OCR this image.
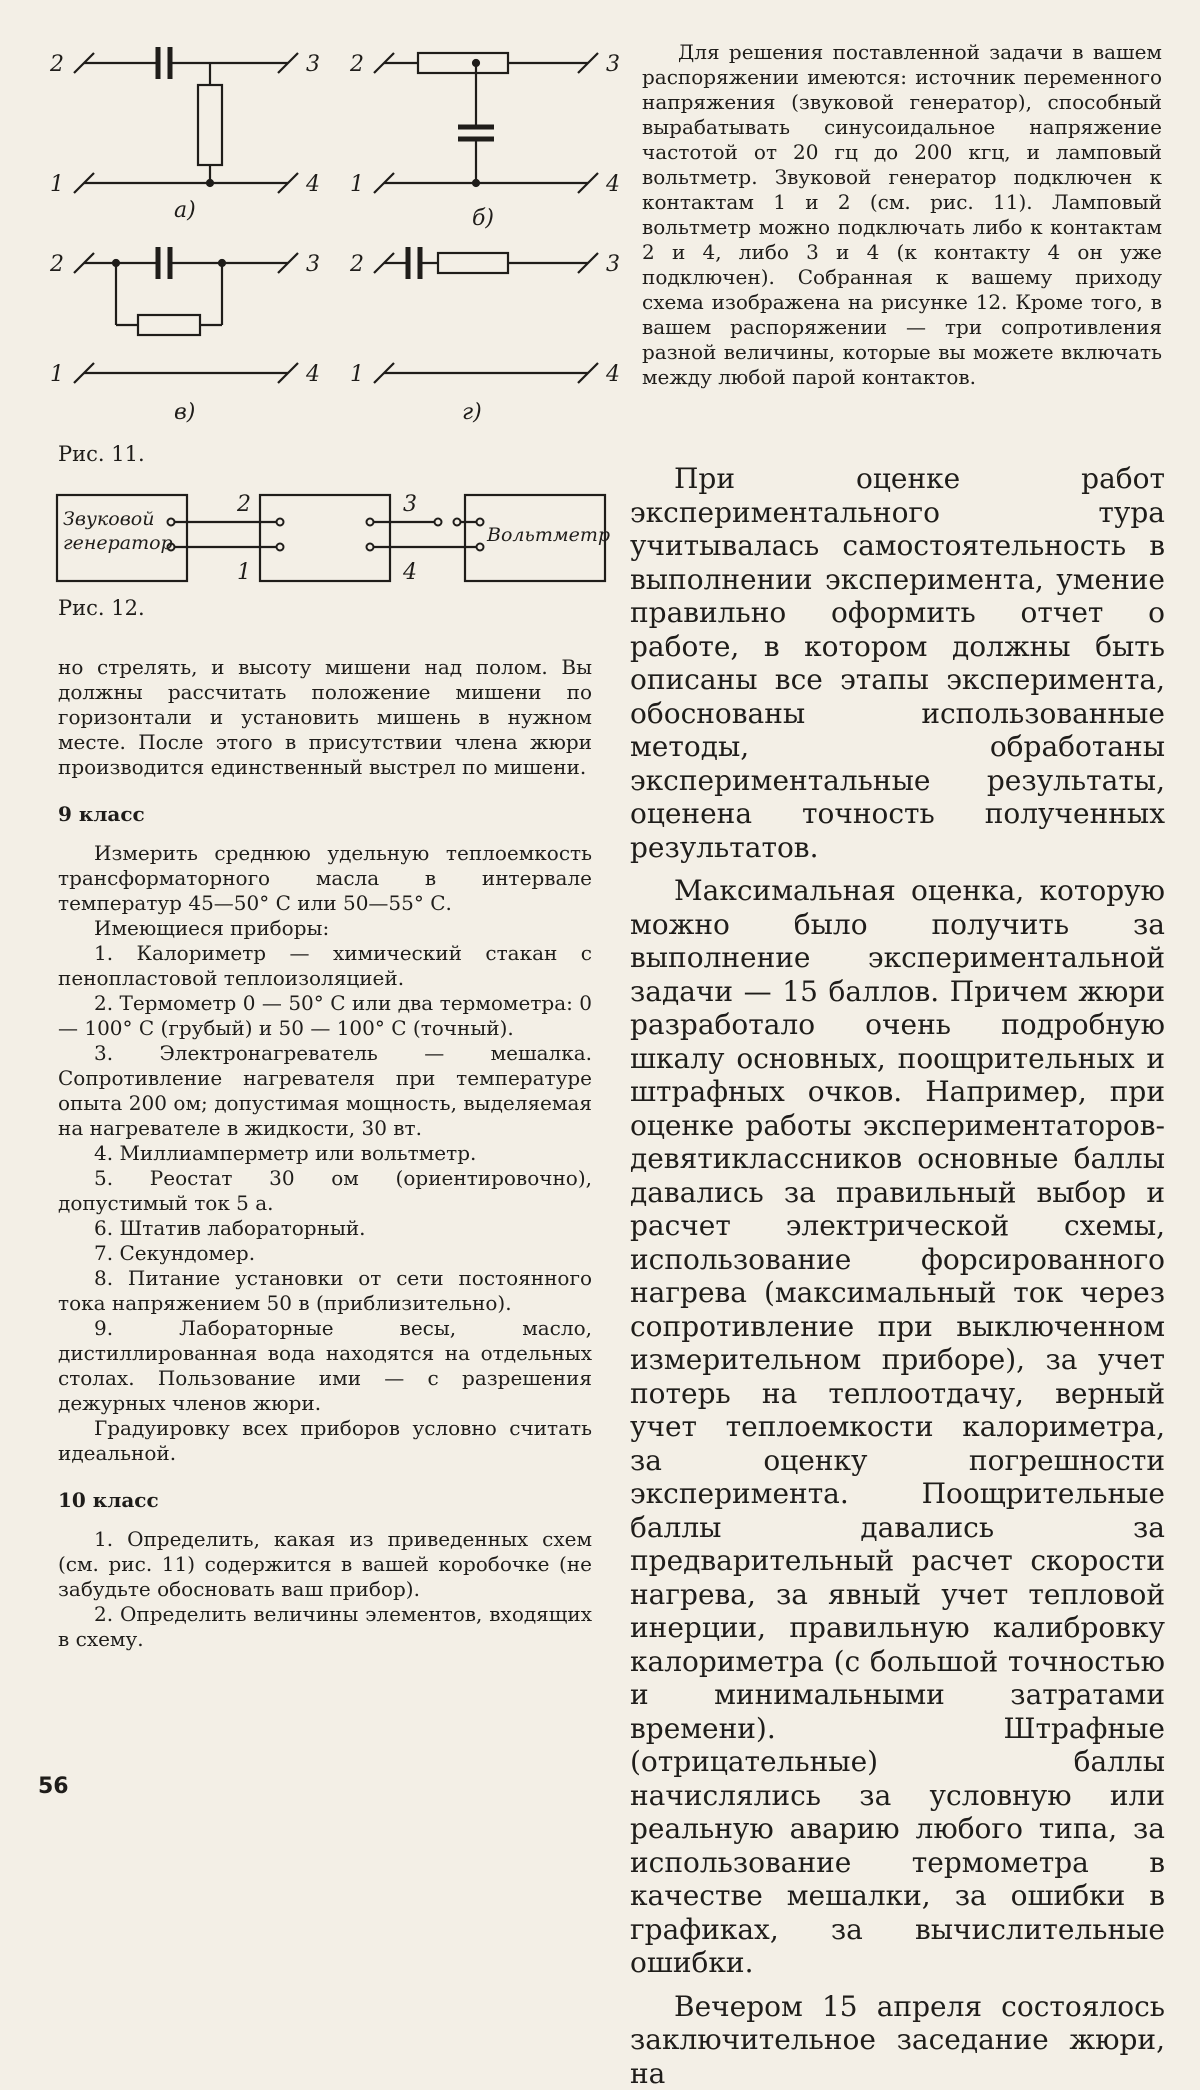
2	3
1	4
а)
2	3
1	4
б)
2	3
1	4
в)
2	3
1	4
г)
Рис. 11.
Звуковой
генератор	Вольтметр
2
1
3
4
Рис. 12.

Для решения поставленной задачи в вашем распоряжении имеются: источник переменного напряжения (звуковой генератор), способный вырабатывать синусоидальное напряжение частотой от 20 гц до 200 кгц, и ламповый вольтметр. Звуковой генератор подключен к контактам 1 и 2 (см. рис. 11). Ламповый вольтметр можно подключать либо к контактам 2 и 4, либо 3 и 4 (к контакту 4 он уже подключен). Собранная к вашему приходу схема изображена на рисунке 12. Кроме того, в вашем распоряжении — три сопротивления разной величины, которые вы можете включать между любой парой контактов.

но стрелять, и высоту мишени над полом. Вы должны рассчитать положение мишени по горизонтали и установить мишень в нужном месте. После этого в присутствии члена жюри производится единственный выстрел по мишени.

9 класс

Измерить среднюю удельную теплоемкость трансформаторного масла в интервале температур 45—50° С или 50—55° С.

Имеющиеся приборы:

1. Калориметр — химический стакан с пенопластовой теплоизоляцией.

2. Термометр 0 — 50° С или два термометра: 0 — 100° С (грубый) и 50 — 100° С (точный).

3. Электронагреватель — мешалка. Сопротивление нагревателя при температуре опыта 200 ом; допустимая мощность, выделяемая на нагревателе в жидкости, 30 вт.

4. Миллиамперметр или вольтметр.

5. Реостат 30 ом (ориентировочно), допустимый ток 5 а.

6. Штатив лабораторный.

7. Секундомер.

8. Питание установки от сети постоянного тока напряжением 50 в (приблизительно).

9. Лабораторные весы, масло, дистиллированная вода находятся на отдельных столах. Пользование ими — с разрешения дежурных членов жюри.

Градуировку всех приборов условно считать идеальной.

10 класс

1. Определить, какая из приведенных схем (см. рис. 11) содержится в вашей коробочке (не забудьте обосновать ваш прибор).

2. Определить величины элементов, входящих в схему.

При оценке работ экспериментального тура учитывалась самостоятельность в выполнении эксперимента, умение правильно оформить отчет о работе, в котором должны быть описаны все этапы эксперимента, обоснованы использованные методы, обработаны экспериментальные результаты, оценена точность полученных результатов.

Максимальная оценка, которую можно было получить за выполнение экспериментальной задачи — 15 баллов. Причем жюри разработало очень подробную шкалу основных, поощрительных и штрафных очков. Например, при оценке работы экспериментаторов-девятиклассников основные баллы давались за правильный выбор и расчет электрической схемы, использование форсированного нагрева (максимальный ток через сопротивление при выключенном измерительном приборе), за учет потерь на теплоотдачу, верный учет теплоемкости калориметра, за оценку погрешности эксперимента. Поощрительные баллы давались за предварительный расчет скорости нагрева, за явный учет тепловой инерции, правильную калибровку калориметра (с большой точностью и минимальными затратами времени). Штрафные (отрицательные) баллы начислялись за условную или реальную аварию любого типа, за использование термометра в качестве мешалки, за ошибки в графиках, за вычислительные ошибки.

Вечером 15 апреля состоялось заключительное заседание жюри, на

56
